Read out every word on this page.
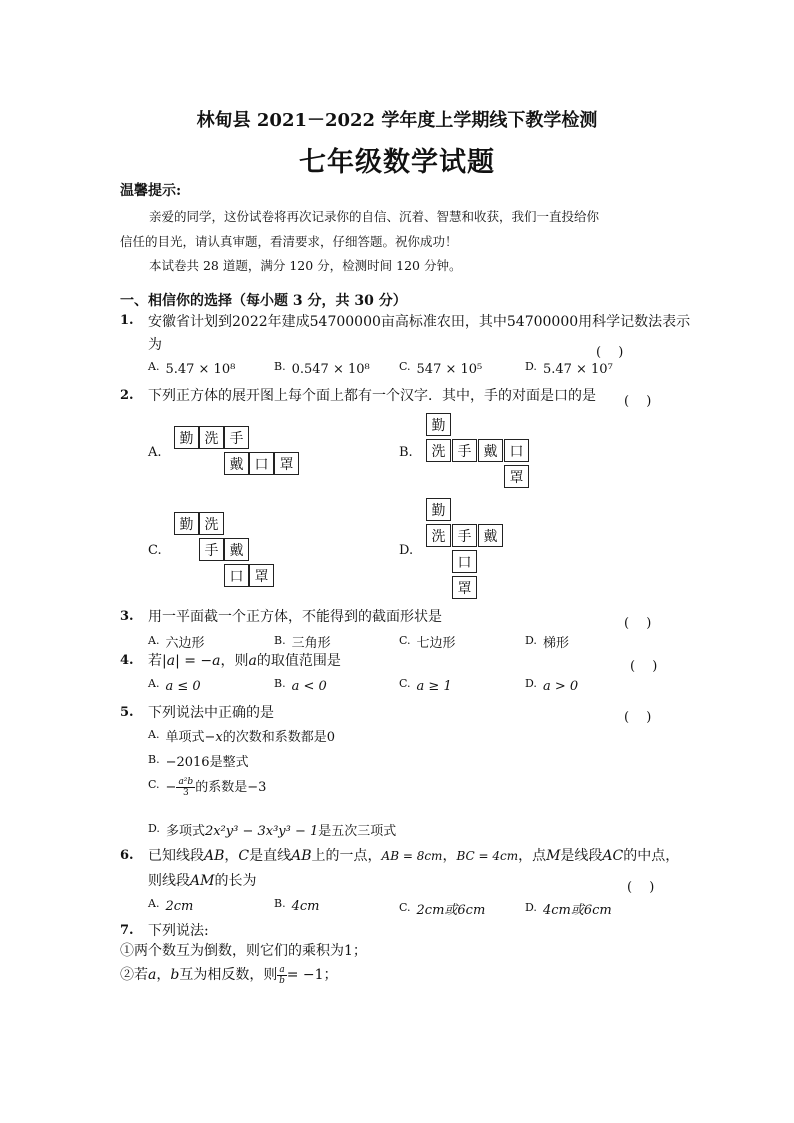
林甸县 2021－2022 学年度上学期线下教学检测
七年级数学试题
温馨提示:
亲爱的同学，这份试卷将再次记录你的自信、沉着、智慧和收获，我们一直投给你
信任的目光，请认真审题，看清要求，仔细答题。祝你成功！
本试卷共 28 道题，满分 120 分，检测时间 120 分钟。
一、相信你的选择（每小题 3 分，共 30 分）
1. 安徽省计划到2022年建成54700000亩高标准农田，其中54700000用科学记数法表示
为	(　 )
$^{A.}$ 5.47 × 10⁸	$^{B.}$ 0.547 × 10⁸	$^{C.}$ 547 × 10⁵	$^{D.}$ 5.47 × 10⁷
2. 下列正方体的展开图上每个面上都有一个汉字．其中，手的对面是口的是 (　 )
A.	B.
C.	D.
勤 洗 手
戴 口 罩
勤
洗 手 戴 口
罩
勤 洗
手 戴
口 罩
勤
洗 手 戴
口
罩
3. 用一平面截一个正方体，不能得到的截面形状是	(　 )
$^{A.}$ 六边形	$^{B.}$ 三角形	$^{C.}$ 七边形	$^{D.}$ 梯形
4. 若|a| = −a，则a的取值范围是	(　 )
$^{A.}$ a ≤ 0	$^{B.}$ a < 0	$^{C.}$ a ≥ 1	$^{D.}$ a > 0
5. 下列说法中正确的是	(　 )
$^{A.}$ 单项式−x的次数和系数都是0
$^{B.}$ −2016是整式
$^{C.} - \frac{\text{a²b}}{3}$ 的系数是−3
$^{D.}$ 多项式2x²y³ − 3x³y³ − 1是五次三项式
6. 已知线段AB，C是直线AB上的一点，AB = 8cm，BC = 4cm，点M是线段AC的中点，
则线段AM的长为	(　 )
$^{A.}$ 2cm	$^{B.}$ 4cm	$^{C.}$ 2cm或6cm	$^{D.}$ 4cm或6cm
7. 下列说法:
①两个数互为倒数，则它们的乘积为1；
②若a，b互为相反数，则 $\frac{a}{b} = -1$；
